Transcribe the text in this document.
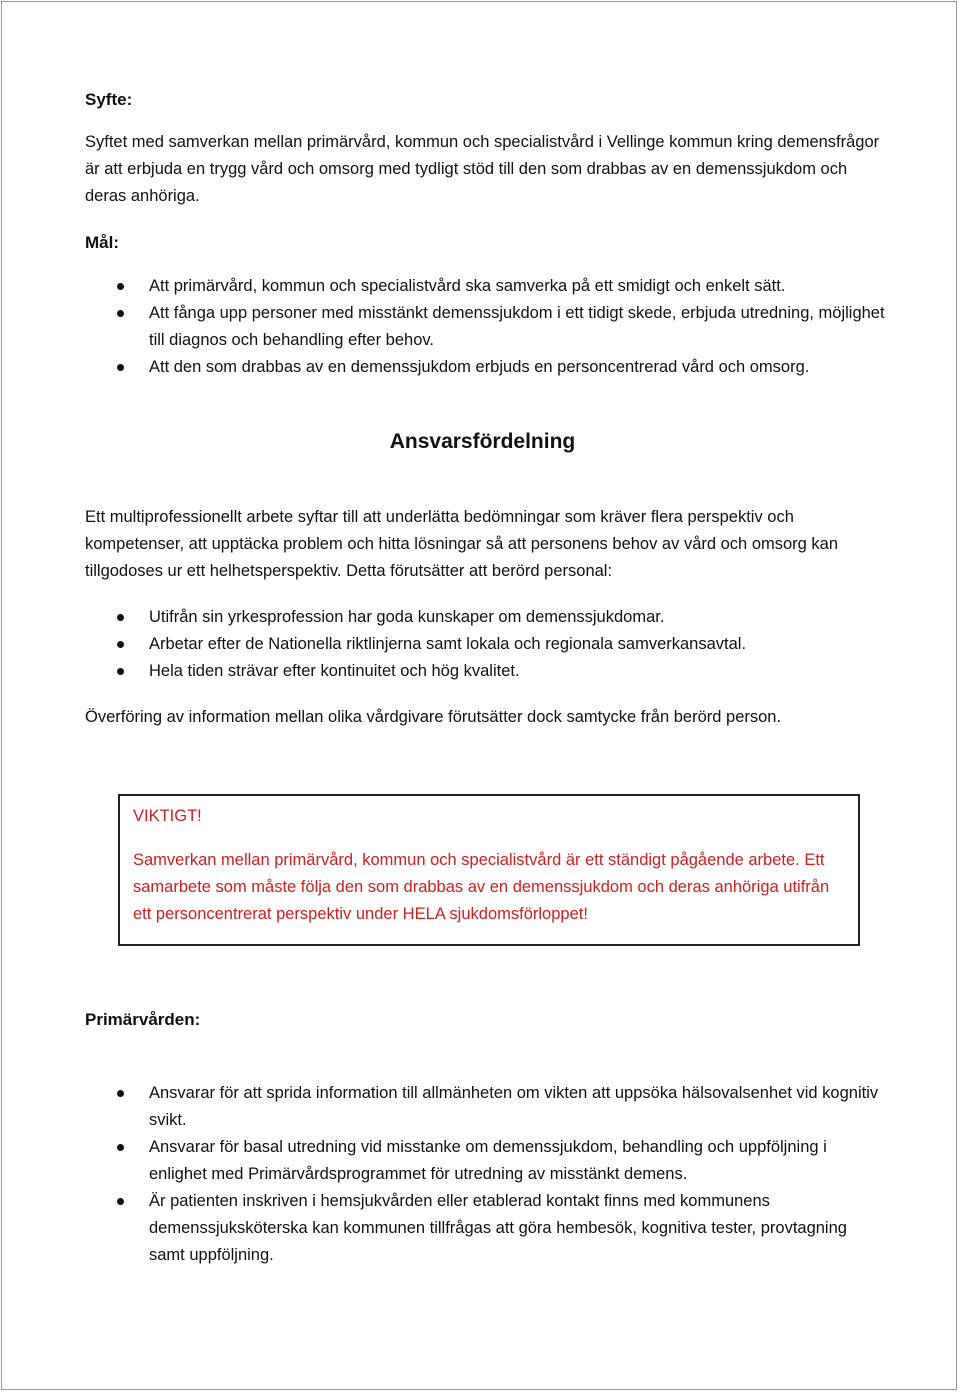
Syfte:

Syftet med samverkan mellan primärvård, kommun och specialistvård i Vellinge kommun kring demensfrågor är att erbjuda en trygg vård och omsorg med tydligt stöd till den som drabbas av en demenssjukdom och deras anhöriga.

Mål:
Att primärvård, kommun och specialistvård ska samverka på ett smidigt och enkelt sätt.
Att fånga upp personer med misstänkt demenssjukdom i ett tidigt skede, erbjuda utredning, möjlighet till diagnos och behandling efter behov.
Att den som drabbas av en demenssjukdom erbjuds en personcentrerad vård och omsorg.
Ansvarsfördelning

Ett multiprofessionellt arbete syftar till att underlätta bedömningar som kräver flera perspektiv och kompetenser, att upptäcka problem och hitta lösningar så att personens behov av vård och omsorg kan tillgodoses ur ett helhetsperspektiv. Detta förutsätter att berörd personal:

Utifrån sin yrkesprofession har goda kunskaper om demenssjukdomar.
Arbetar efter de Nationella riktlinjerna samt lokala och regionala samverkansavtal.
Hela tiden strävar efter kontinuitet och hög kvalitet.

Överföring av information mellan olika vårdgivare förutsätter dock samtycke från berörd person.

Primärvården:
Ansvarar för att sprida information till allmänheten om vikten att uppsöka hälsovalsenhet vid kognitiv svikt.
Ansvarar för basal utredning vid misstanke om demenssjukdom, behandling och uppföljning i enlighet med Primärvårdsprogrammet för utredning av misstänkt demens.
Är patienten inskriven i hemsjukvården eller etablerad kontakt finns med kommunens demenssjuksköterska kan kommunen tillfrågas att göra hembesök, kognitiva tester, provtagning samt uppföljning.
VIKTIGT!
Samverkan mellan primärvård, kommun och specialistvård är ett ständigt pågående arbete. Ett samarbete som måste följa den som drabbas av en demenssjukdom och deras anhöriga utifrån ett personcentrerat perspektiv under HELA sjukdomsförloppet!
